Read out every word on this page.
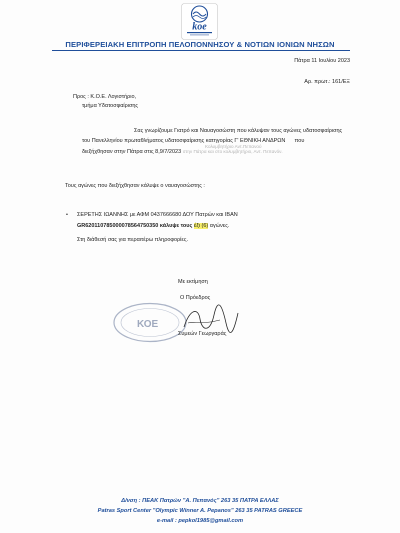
koe
ΠΕΡΙΦΕΡΕΙΑΚΗ ΕΠΙΤΡΟΠΗ ΠΕΛΟΠΟΝΝΗΣΟΥ & ΝΟΤΙΩΝ ΙΟΝΙΩΝ ΝΗΣΩΝ
Πάτρα 11 Ιουλίου 2023
Αρ. πρωτ.: 161/ΕΞ
Προς : Κ.Ο.Ε. Λογιστήριο,
τμήμα Υδατοσφαίρισης

Σας γνωρίζουμε Γιατρό και Ναυαγοσώστη που κάλυψαν τους αγώνες υδατοσφαίρισης

του Πανελληνίου πρωταθλήματος υδατοσφαίρισης κατηγορίας Γ' ΕΘΝΙΚΗ ΑΝΔΡΩΝ που

Κολυμβητήριο Αντ.Πεπανού
διεξήχθησαν στην Πάτρα στις 8,9/7/2023 στην Πάτρα και στο κολυμβητήριο, Αντ. Πεπανόν.

Τους αγώνες που διεξήχθησαν κάλυψε ο ναυαγοσώστης :
• ΣΕΡΕΤΗΣ ΙΩΑΝΝΗΣ με ΑΦΜ 0437666680 ΔΟΥ Πατρών και ΙΒΑΝ
GR620110785000078564750350 κάλυψε τους έξι (6) αγώνες.
Στη διάθεσή σας για περαιτέρω πληροφορίες.
Με εκτίμηση
Ο Πρόεδρος
ΚΟΕ
Συμεών Γεωργαράς
Δ/νση : ΠΕΑΚ Πατρών "Α. Πεπανός" 263 35 ΠΑΤΡΑ ΕΛΛΑΣ
Patras Sport Center "Olympic Winner A. Pepanos" 263 35 PATRAS GREECE
e-mail : pepkol1985@gmail.com
